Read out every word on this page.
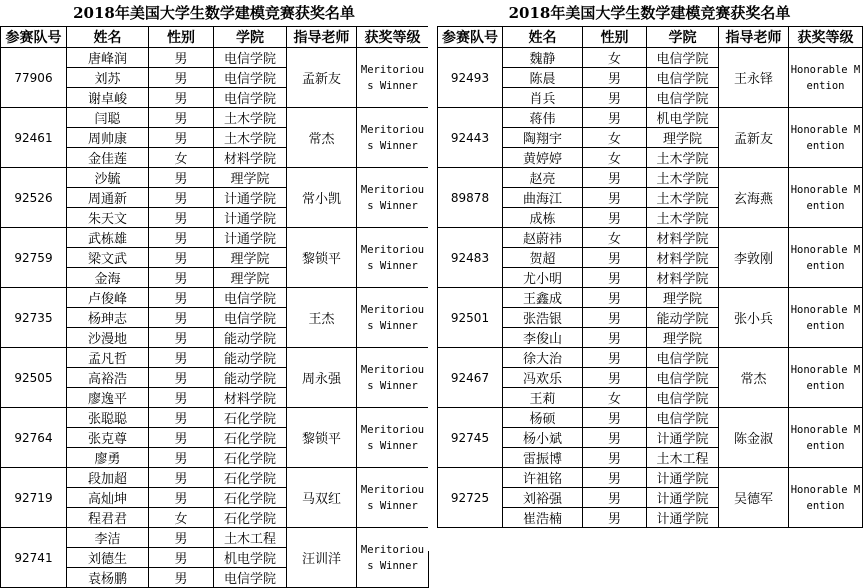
2018年美国大学生数学建模竞赛获奖名单
参赛队号	姓名	性别	学院	指导老师	获奖等级
77906	唐峰润	男	电信学院	孟新友	Meritorious Winner
	刘苏	男	电信学院		
	谢卓峻	男	电信学院		
92461	闫聪	男	土木学院	常杰	Meritorious Winner
	周帅康	男	土木学院		
	金佳莲	女	材料学院		
92526	沙毓	男	理学院	常小凯	Meritorious Winner
	周通新	男	计通学院		
	朱天文	男	计通学院		
92759	武栋雄	男	计通学院	黎锁平	Meritorious Winner
	梁文武	男	理学院		
	金海	男	理学院		
92735	卢俊峰	男	电信学院	王杰	Meritorious Winner
	杨珅志	男	电信学院		
	沙漫地	男	能动学院		
92505	孟凡哲	男	能动学院	周永强	Meritorious Winner
	高裕浩	男	能动学院		
	廖逸平	男	材料学院		
92764	张聪聪	男	石化学院	黎锁平	Meritorious Winner
	张克尊	男	石化学院		
	廖勇	男	石化学院		
92719	段加超	男	石化学院	马双红	Meritorious Winner
	高灿坤	男	石化学院		
	程君君	女	石化学院		
92741	李洁	男	土木工程	汪训洋	Meritorious Winner
	刘德生	男	机电学院		
	袁杨鹏	男	电信学院		
2018年美国大学生数学建模竞赛获奖名单
参赛队号	姓名	性别	学院	指导老师	获奖等级
92493	魏静	女	电信学院	王永铎	Honorable Mention
	陈晨	男	电信学院		
	肖兵	男	电信学院		
92443	蒋伟	男	机电学院	孟新友	Honorable Mention
	陶翔宇	女	理学院		
	黄婷婷	女	土木学院		
89878	赵亮	男	土木学院	玄海燕	Honorable Mention
	曲海江	男	土木学院		
	成栋	男	土木学院		
92483	赵蔚祎	女	材料学院	李敦刚	Honorable Mention
	贺超	男	材料学院		
	尤小明	男	材料学院		
92501	王鑫成	男	理学院	张小兵	Honorable Mention
	张浩银	男	能动学院		
	李俊山	男	理学院		
92467	徐大治	男	电信学院	常杰	Honorable Mention
	冯欢乐	男	电信学院		
	王莉	女	电信学院		
92745	杨硕	男	电信学院	陈金淑	Honorable Mention
	杨小斌	男	计通学院		
	雷振博	男	土木工程		
92725	许祖铭	男	计通学院	吴德军	Honorable Mention
	刘裕强	男	计通学院		
	崔浩楠	男	计通学院		
